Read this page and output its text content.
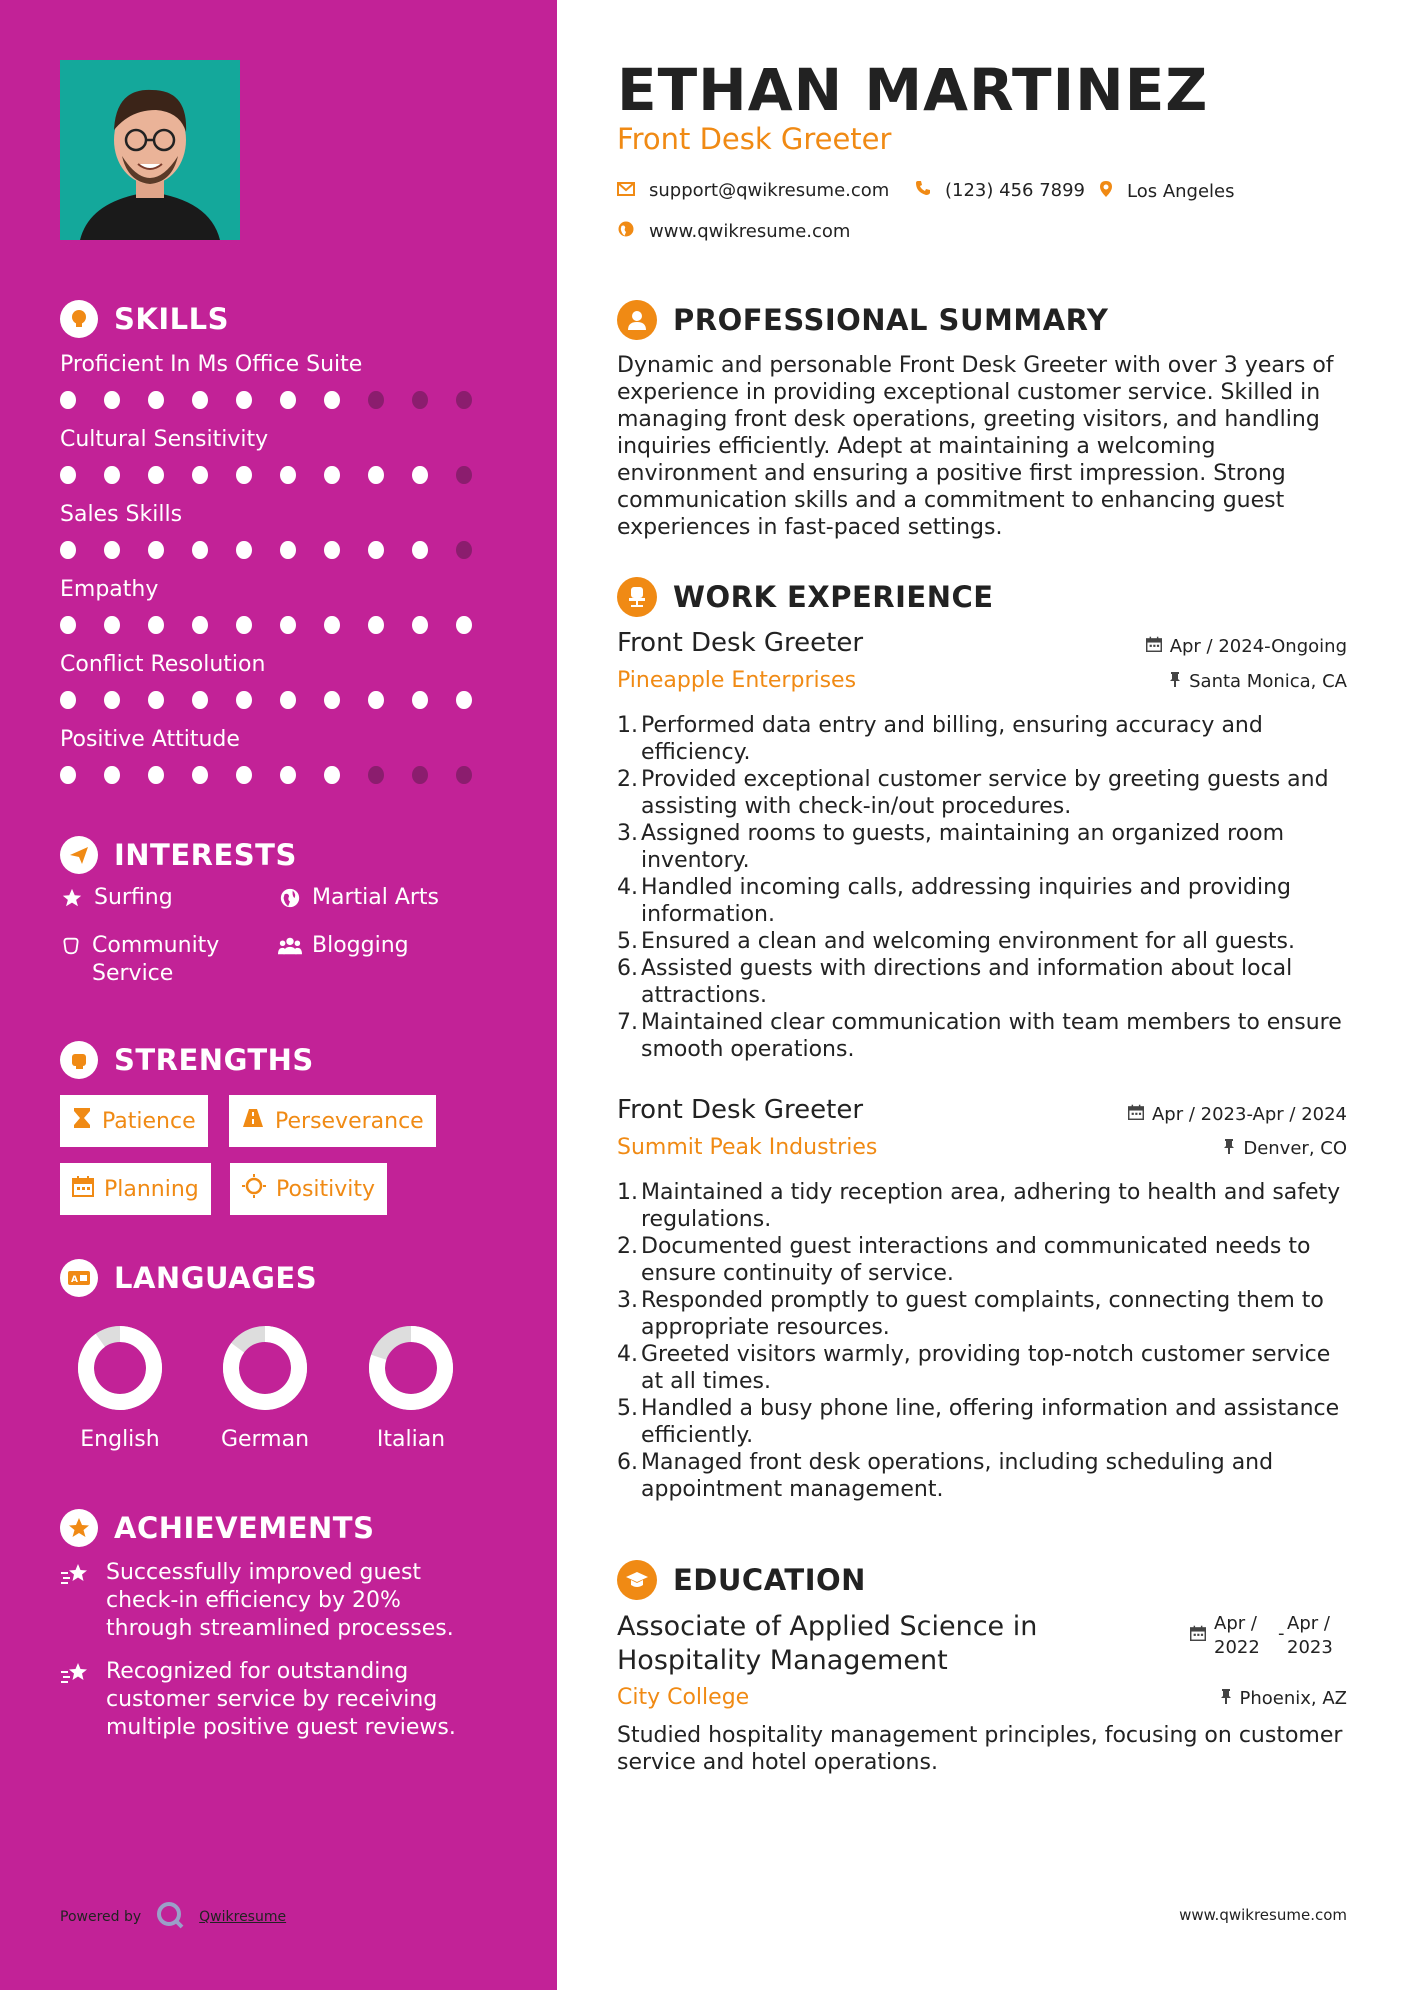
SKILLS
Proficient In Ms Office Suite
Cultural Sensitivity
Sales Skills
Empathy
Conflict Resolution
Positive Attitude
INTERESTS
Surfing	Martial Arts
Community Service
Blogging
STRENGTHS
Patience	Perseverance
Planning	Positivity
A LANGUAGES
English	German	Italian
ACHIEVEMENTS
Successfully improved guest check-in efficiency by 20% through streamlined processes.
Recognized for outstanding customer service by receiving multiple positive guest reviews.
Powered by	Qwikresume
ETHAN MARTINEZ
Front Desk Greeter
support@qwikresume.com	(123) 456 7899 Los Angeles
www.qwikresume.com
PROFESSIONAL SUMMARY
Dynamic and personable Front Desk Greeter with over 3 years of experience in providing exceptional customer service. Skilled in managing front desk operations, greeting visitors, and handling inquiries efficiently. Adept at maintaining a welcoming environment and ensuring a positive first impression. Strong communication skills and a commitment to enhancing guest experiences in fast-paced settings.
WORK EXPERIENCE
Front Desk Greeter
Pineapple Enterprises
Apr / 2024-Ongoing
Santa Monica, CA
1. Performed data entry and billing, ensuring accuracy and efficiency.
2. Provided exceptional customer service by greeting guests and assisting with check-in/out procedures.
3. Assigned rooms to guests, maintaining an organized room inventory.
4. Handled incoming calls, addressing inquiries and providing information.
5. Ensured a clean and welcoming environment for all guests.
6. Assisted guests with directions and information about local attractions.
7. Maintained clear communication with team members to ensure smooth operations.
Front Desk Greeter
Summit Peak Industries
Apr / 2023-Apr / 2024
Denver, CO
1. Maintained a tidy reception area, adhering to health and safety regulations.
2. Documented guest interactions and communicated needs to ensure continuity of service.
3. Responded promptly to guest complaints, connecting them to appropriate resources.
4. Greeted visitors warmly, providing top-notch customer service at all times.
5. Handled a busy phone line, offering information and assistance efficiently.
6. Managed front desk operations, including scheduling and appointment management.
EDUCATION
Associate of Applied Science in Hospitality Management
Apr / 2022
- Apr / 2023
City College	Phoenix, AZ
Studied hospitality management principles, focusing on customer service and hotel operations.
www.qwikresume.com
